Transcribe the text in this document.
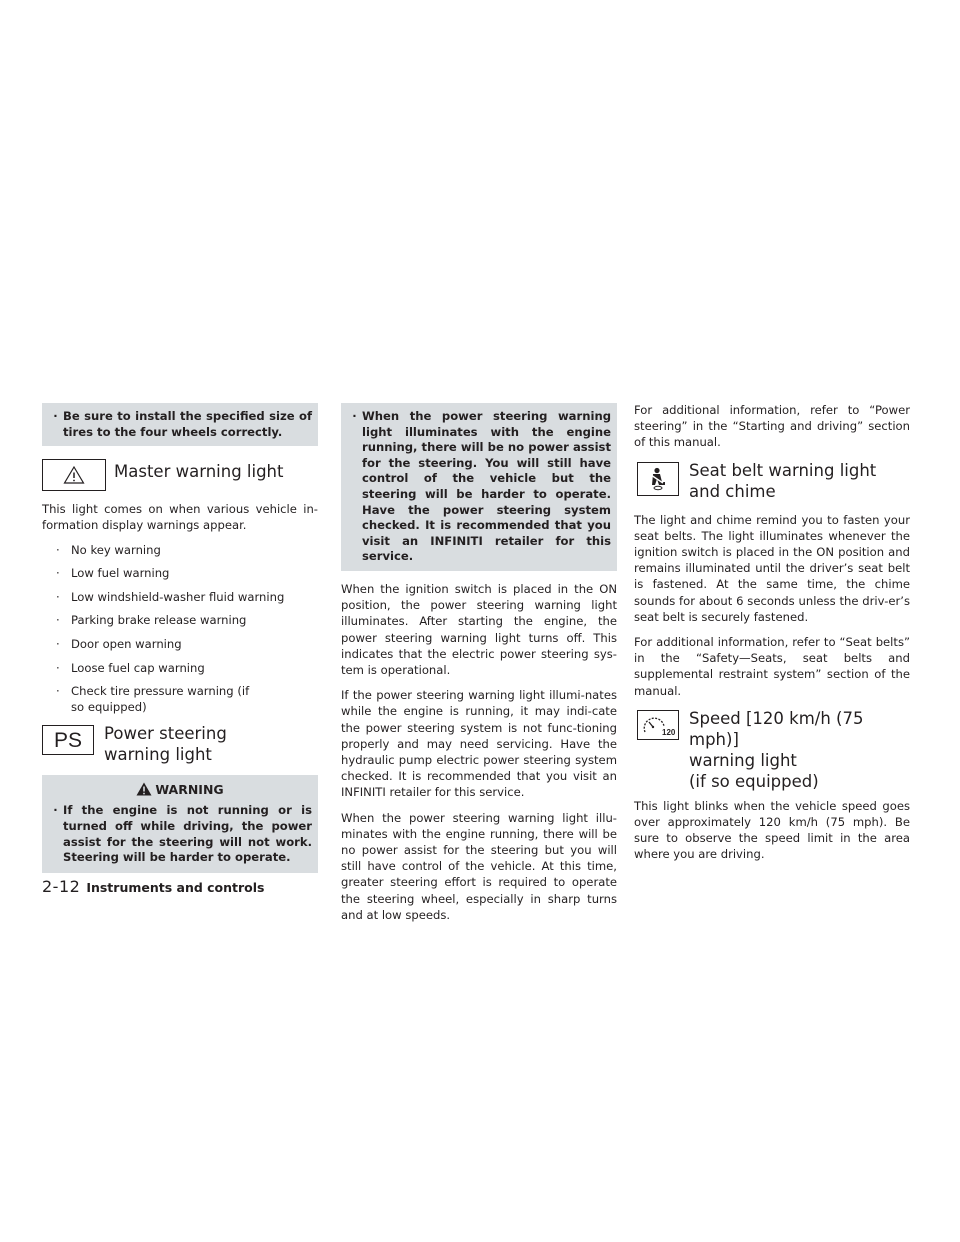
· Be sure to install the specified size of tires to the four wheels correctly.
Master warning light

This light comes on when various vehicle in-formation display warnings appear.

· No key warning
· Low fuel warning
· Low windshield-washer fluid warning
· Parking brake release warning
· Door open warning
· Loose fuel cap warning
· Check tire pressure warning (if so equipped)
PS Power steering
warning light
WARNING
· If the engine is not running or is turned off while driving, the power assist for the steering will not work. Steering will be harder to operate.
· When the power steering warning light illuminates with the engine running, there will be no power assist for the steering. You will still have control of the vehicle but the steering will be harder to operate. Have the power steering system checked. It is recommended that you visit an INFINITI retailer for this service.

When the ignition switch is placed in the ON position, the power steering warning light illuminates. After starting the engine, the power steering warning light turns off. This indicates that the electric power steering sys-tem is operational.

If the power steering warning light illumi-nates while the engine is running, it may indi-cate the power steering system is not func-tioning properly and may need servicing. Have the hydraulic pump electric power steering system checked. It is recommended that you visit an INFINITI retailer for this service.

When the power steering warning light illu-minates with the engine running, there will be no power assist for the steering but you will still have control of the vehicle. At this time, greater steering effort is required to operate the steering wheel, especially in sharp turns and at low speeds.

For additional information, refer to “Power steering” in the “Starting and driving” section of this manual.

Seat belt warning light
and chime

The light and chime remind you to fasten your seat belts. The light illuminates whenever the ignition switch is placed in the ON position and remains illuminated until the driver’s seat belt is fastened. At the same time, the chime sounds for about 6 seconds unless the driv-er’s seat belt is securely fastened.

For additional information, refer to “Seat belts” in the “Safety—Seats, seat belts and supplemental restraint system” section of the manual.

120
Speed [120 km/h (75 mph)]
warning light
(if so equipped)

This light blinks when the vehicle speed goes over approximately 120 km/h (75 mph). Be sure to observe the speed limit in the area where you are driving.

2-12 Instruments and controls
